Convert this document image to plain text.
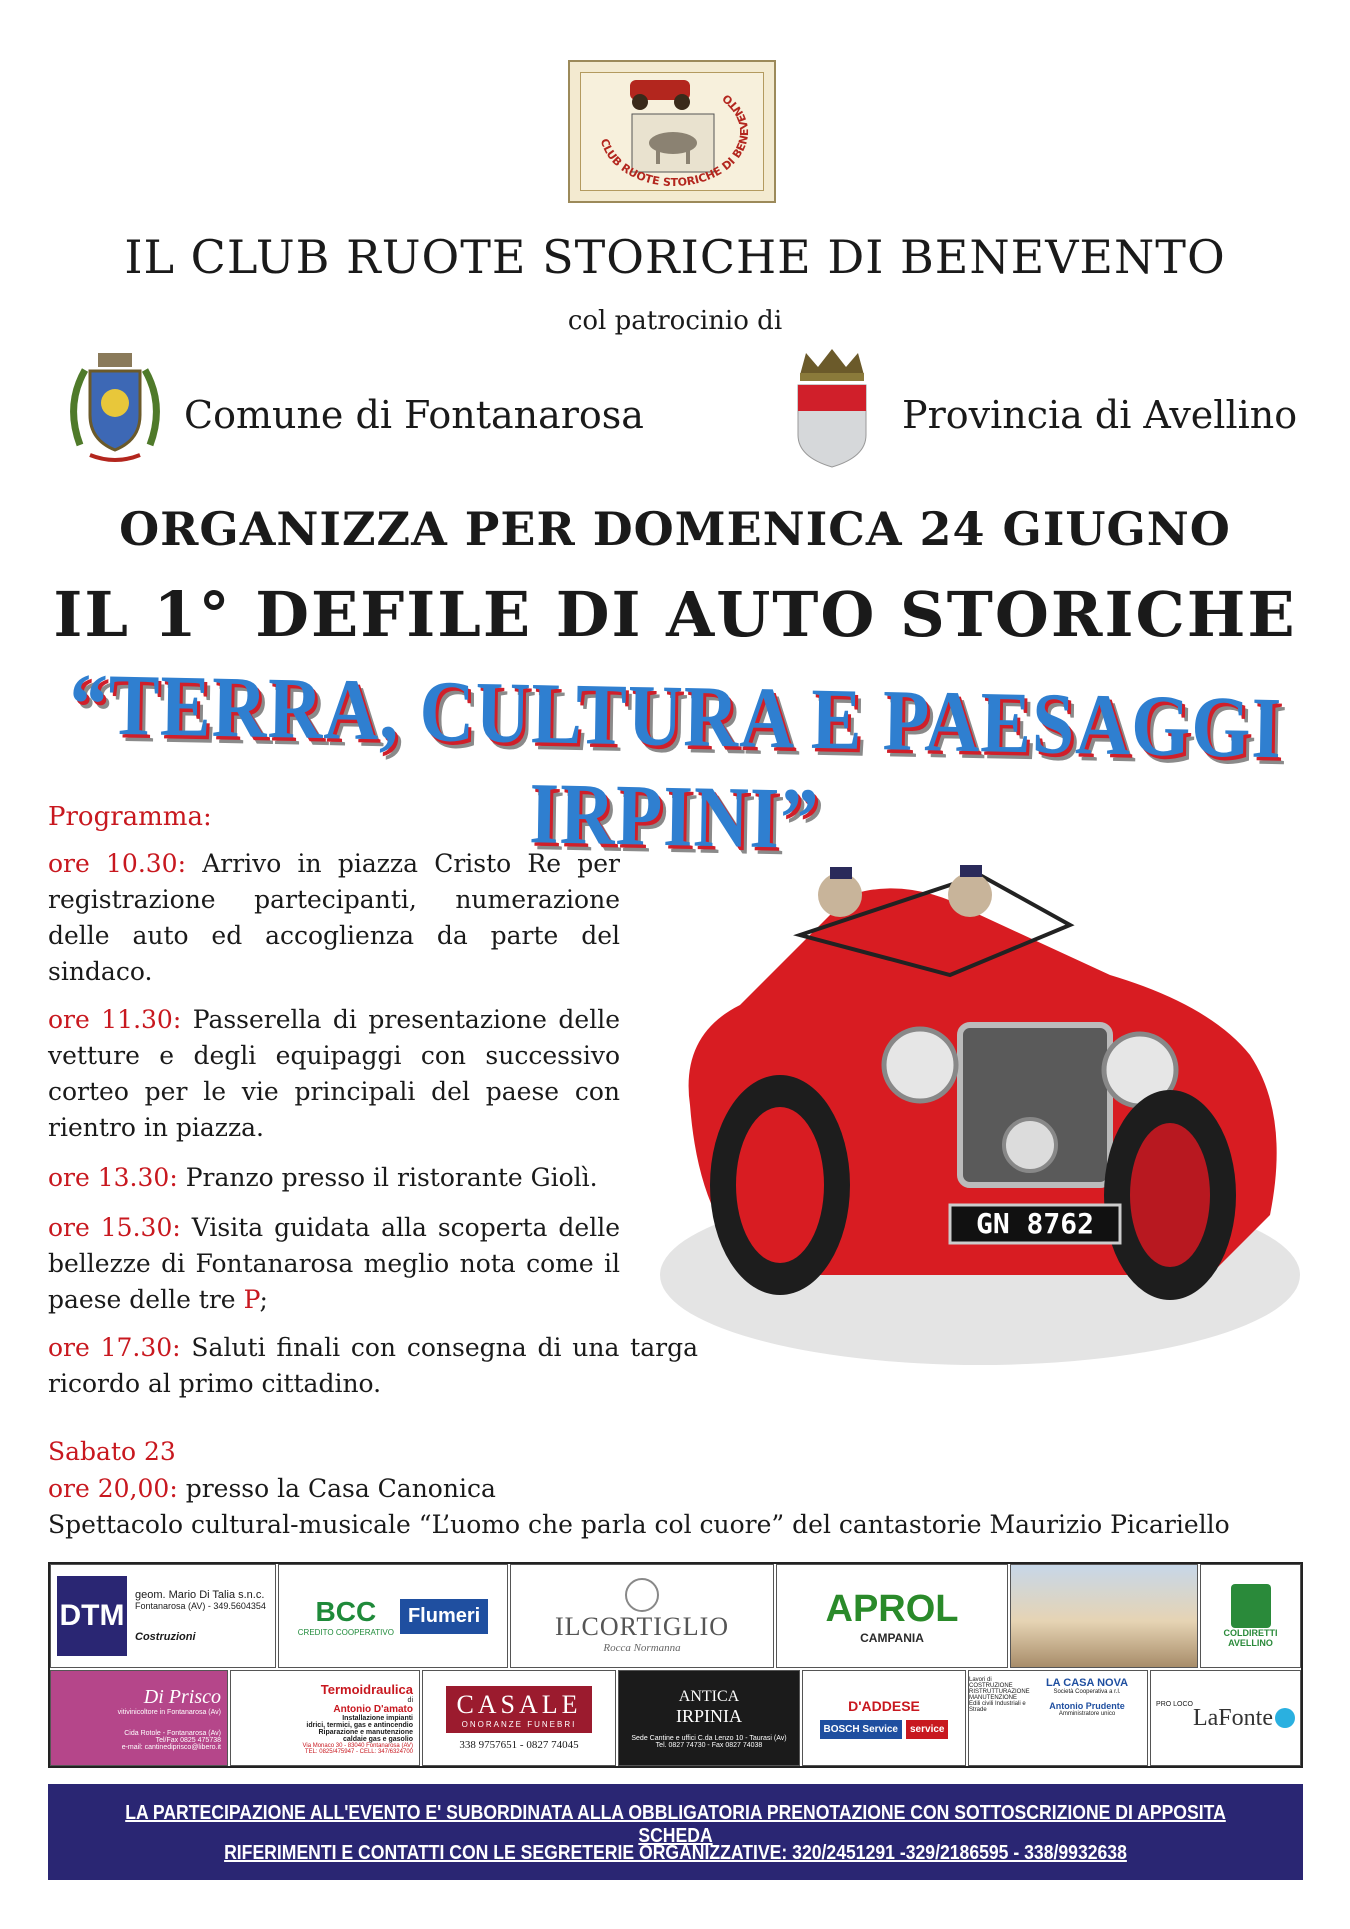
CLUB RUOTE STORICHE DI BENEVENTO
IL CLUB RUOTE STORICHE DI BENEVENTO
col patrocinio di
Comune di Fontanarosa	Provincia di Avellino
ORGANIZZA PER DOMENICA 24 GIUGNO
IL 1° DEFILE DI AUTO STORICHE
“TERRA, CULTURA E PAESAGGI IRPINI”
Programma:
ore 10.30: Arrivo in piazza Cristo Re per registrazione partecipanti, numerazione delle auto ed accoglienza da parte del sindaco.
ore 11.30: Passerella di presentazione delle vetture e degli equipaggi con successivo corteo per le vie principali del paese con rientro in piazza.
ore 13.30: Pranzo presso il ristorante Giolì.
ore 15.30: Visita guidata alla scoperta delle bellezze di Fontanarosa meglio nota come il paese delle tre P;
ore 17.30: Saluti finali con consegna di una targa ricordo al primo cittadino.
GN 8762
Sabato 23
ore 20,00: presso la Casa Canonica
Spettacolo cultural-musicale “L’uomo che parla col cuore” del cantastorie Maurizio Picariello
DTM
geom. Mario Di Talia s.n.c.
Fontanarosa (AV) - 349.5604354
Costruzioni
BCC
CREDITO COOPERATIVO
Flumeri	ILCORTIGLIO
Rocca Normanna
APROL
CAMPANIA	COLDIRETTI
AVELLINO
Di Prisco
vitivinicoltore in Fontanarosa (Av)
Cida Rotole - Fontanarosa (Av)
Tel/Fax 0825 475738
e-mail: cantinediprisco@libero.it
Termoidraulica
di
Antonio D'amato
Installazione impianti
idrici, termici, gas e antincendio
Riparazione e manutenzione
caldaie gas e gasolio
Via Monaco 30 - 83040 Fontanarosa (AV)
TEL: 0825/475947 - CELL: 347/6324700
CASALE
ONORANZE FUNEBRI
338 9757651 - 0827 74045
ANTICA
IRPINIA
Sede Cantine e uffici C.da Lenzo 10 - Taurasi (Av)
Tel. 0827 74730 - Fax 0827 74038
D'ADDESE
BOSCH Service	service
Lavori di COSTRUZIONE RISTRUTTURAZIONE MANUTENZIONE Edili civili Industriali e Strade
LA CASA NOVA
Società Cooperativa a r.l.
Antonio Prudente
Amministratore unico
PRO LOCO LaFonte
LA PARTECIPAZIONE ALL'EVENTO E' SUBORDINATA ALLA OBBLIGATORIA PRENOTAZIONE CON SOTTOSCRIZIONE DI APPOSITA SCHEDA
RIFERIMENTI E CONTATTI CON LE SEGRETERIE ORGANIZZATIVE: 320/2451291 -329/2186595 - 338/9932638
